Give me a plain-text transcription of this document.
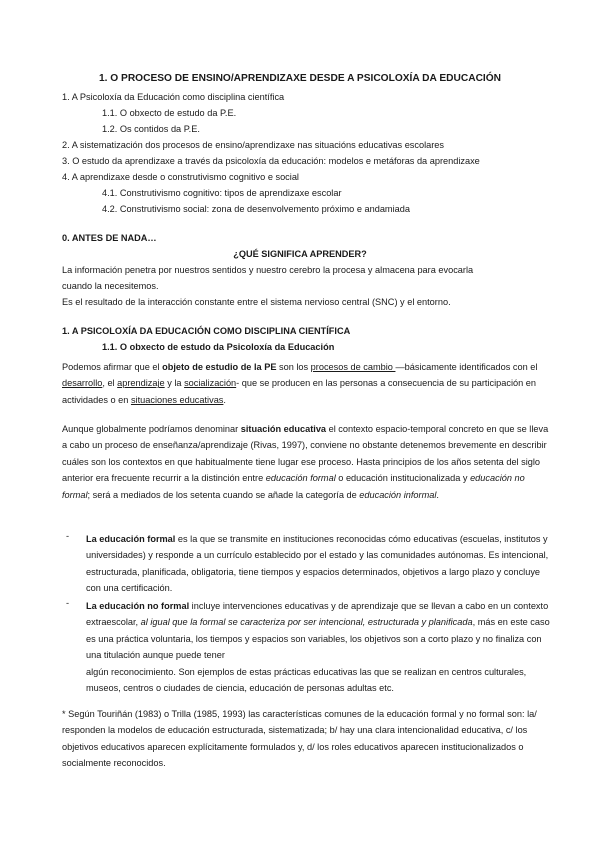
1. O PROCESO DE ENSINO/APRENDIZAXE DESDE A PSICOLOXÍA DA EDUCACIÓN
1. A Psicoloxía da Educación como disciplina científica
1.1. O obxecto de estudo da P.E.
1.2. Os contidos da P.E.
2. A sistematización dos procesos de ensino/aprendizaxe nas situacións educativas escolares
3. O estudo da aprendizaxe a través da psicoloxía da educación: modelos e metáforas da aprendizaxe
4. A aprendizaxe desde o construtivismo cognitivo e social
4.1. Construtivismo cognitivo: tipos de aprendizaxe escolar
4.2. Construtivismo social: zona de desenvolvemento próximo e andamiada
0. ANTES DE NADA…
¿QUÉ SIGNIFICA APRENDER?
La información penetra por nuestros sentidos y nuestro cerebro la procesa y almacena para evocarla
cuando la necesitemos.
Es el resultado de la interacción constante entre el sistema nervioso central (SNC) y el entorno.
1. A PSICOLOXÍA DA EDUCACIÓN COMO DISCIPLINA CIENTÍFICA
1.1. O obxecto de estudo da Psicoloxía da Educación

Podemos afirmar que el objeto de estudio de la PE son los procesos de cambio —básicamente identificados con el desarrollo, el aprendizaje y la socialización- que se producen en las personas a consecuencia de su participación en actividades o en situaciones educativas.

Aunque globalmente podríamos denominar situación educativa el contexto espacio-temporal concreto en que se lleva a cabo un proceso de enseñanza/aprendizaje (Rivas, 1997), conviene no obstante detenemos brevemente en describir cuáles son los contextos en que habitualmente tiene lugar ese proceso. Hasta principios de los años setenta del siglo anterior era frecuente recurrir a la distinción entre educación formal o educación institucionalizada y educación no formal; será a mediados de los setenta cuando se añade la categoría de educación informal.

- La educación formal es la que se transmite en instituciones reconocidas cómo educativas (escuelas, institutos y universidades) y responde a un currículo establecido por el estado y las comunidades autónomas. Es intencional, estructurada, planificada, obligatoria, tiene tiempos y espacios determinados, objetivos a largo plazo y concluye con una certificación.
- La educación no formal incluye intervenciones educativas y de aprendizaje que se llevan a cabo en un contexto extraescolar, al igual que la formal se caracteriza por ser intencional, estructurada y planificada, más en este caso es una práctica voluntaria, los tiempos y espacios son variables, los objetivos son a corto plazo y no finaliza con una titulación aunque puede tener
algún reconocimiento. Son ejemplos de estas prácticas educativas las que se realizan en centros culturales, museos, centros o ciudades de ciencia, educación de personas adultas etc.
* Según Touriñán (1983) o Trilla (1985, 1993) las características comunes de la educación formal y no formal son: la/ responden la modelos de educación estructurada, sistematizada; b/ hay una clara intencionalidad educativa, c/ los objetivos educativos aparecen explícitamente formulados y, d/ los roles educativos aparecen institucionalizados o socialmente reconocidos.
